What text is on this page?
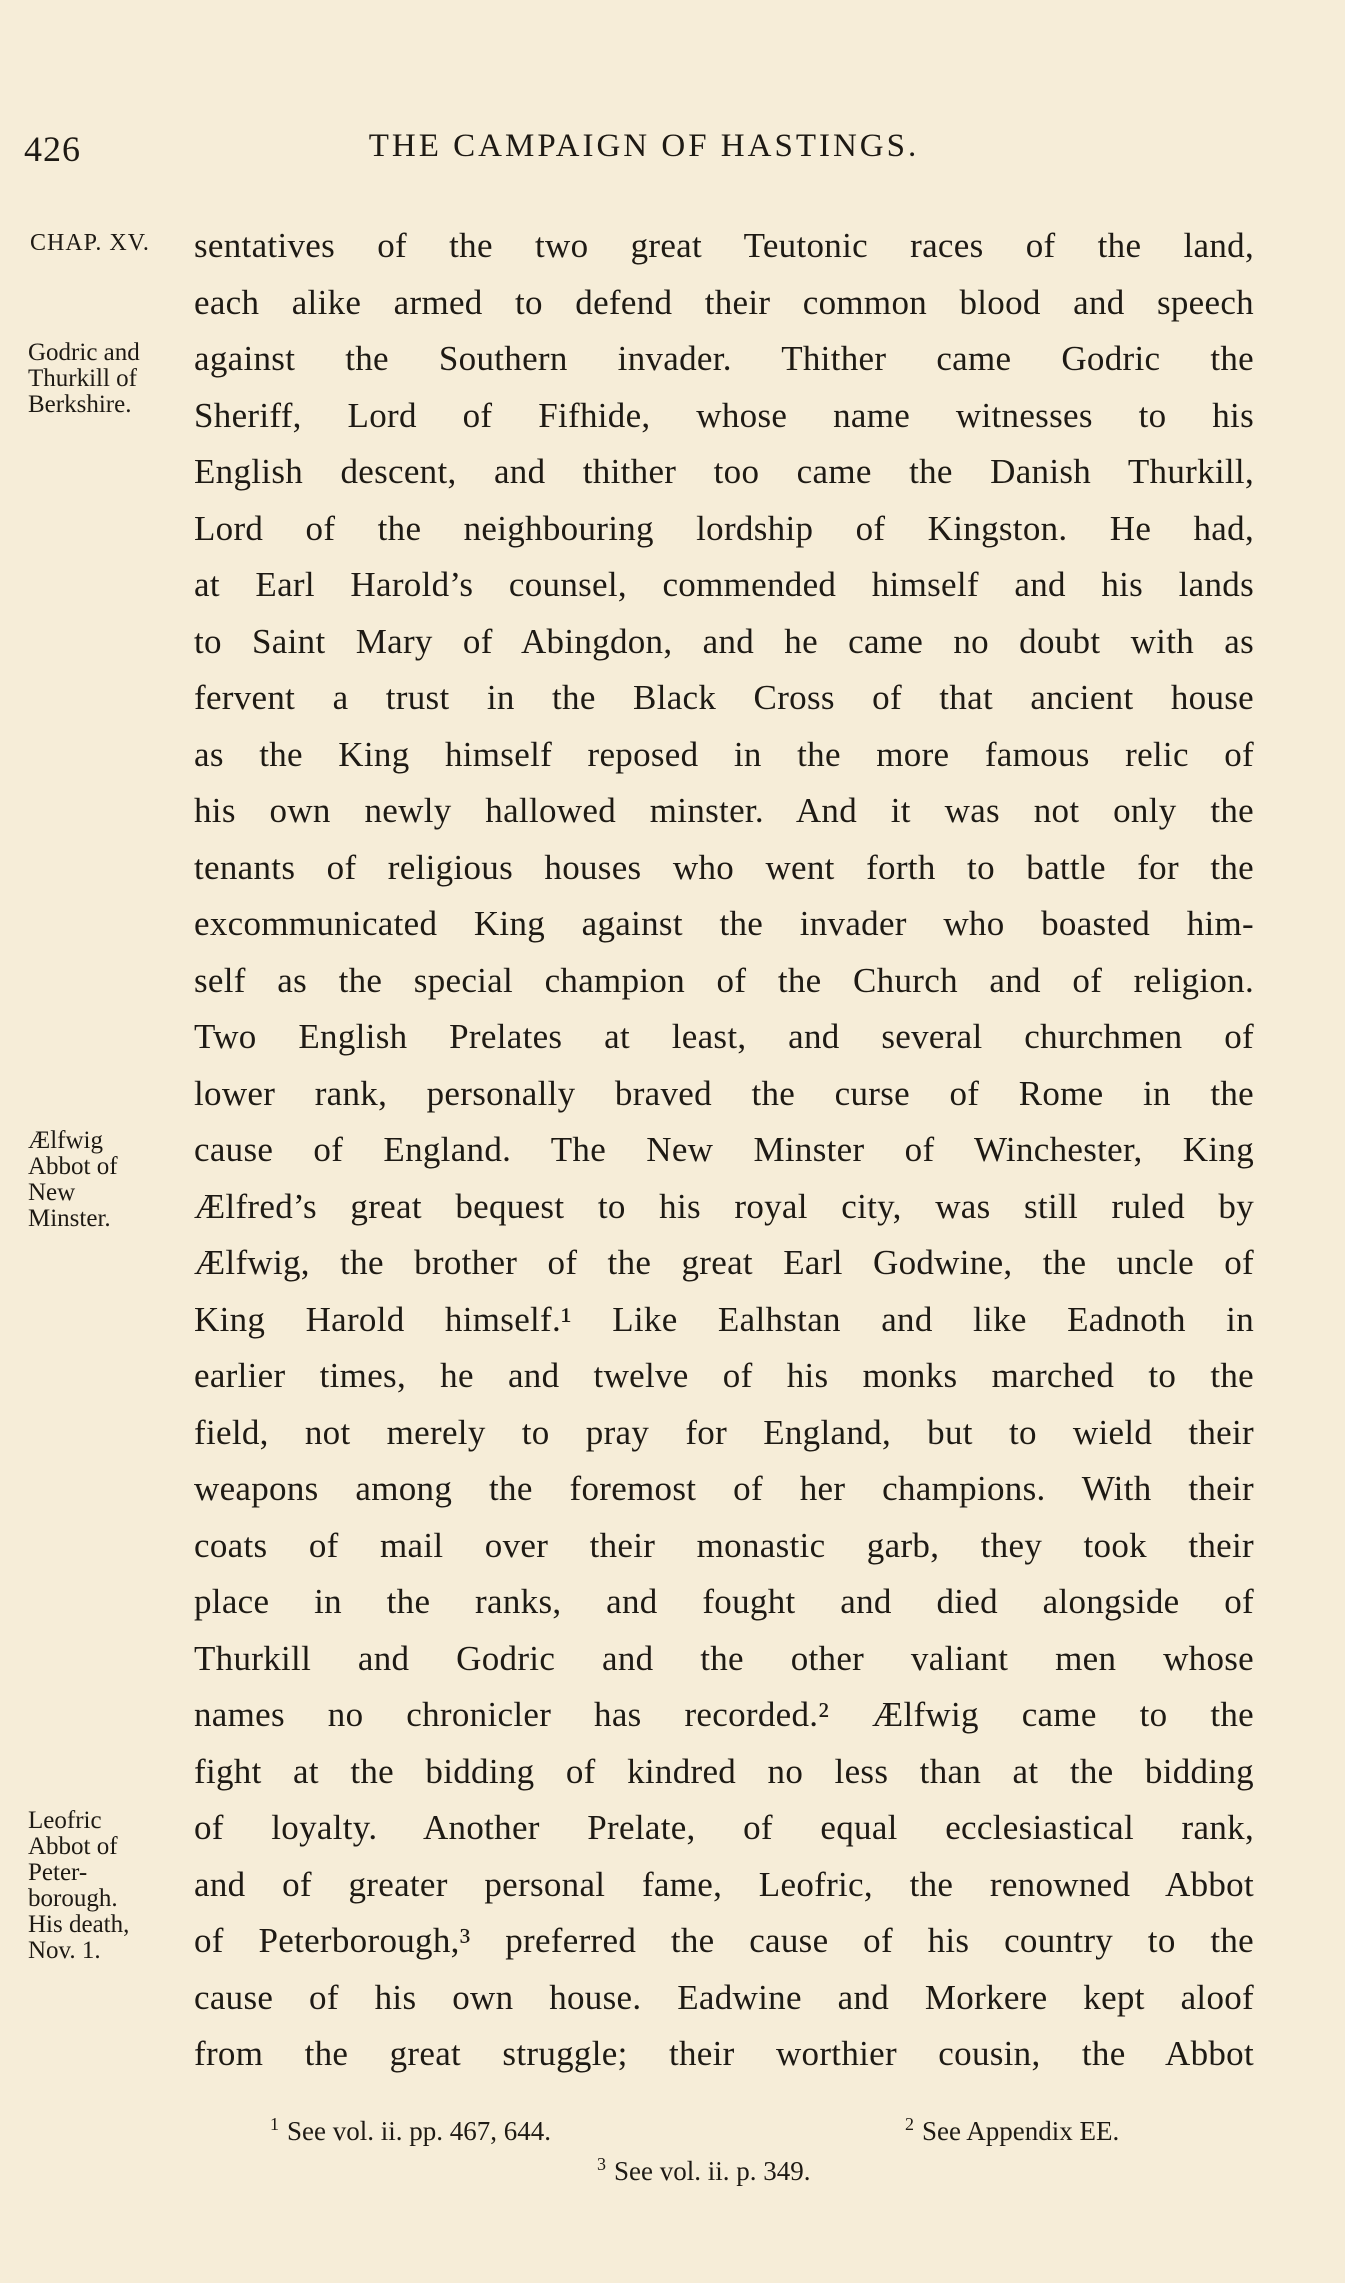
426	THE CAMPAIGN OF HASTINGS.
CHAP. XV. sentatives of the two great Teutonic races of the land,
each alike armed to defend their common blood and speech
against the Southern invader. Thither came Godric the
Sheriff, Lord of Fifhide, whose name witnesses to his
English descent, and thither too came the Danish Thurkill,
Lord of the neighbouring lordship of Kingston. He had,
at Earl Harold’s counsel, commended himself and his lands
to Saint Mary of Abingdon, and he came no doubt with as
fervent a trust in the Black Cross of that ancient house
as the King himself reposed in the more famous relic of
his own newly hallowed minster. And it was not only the
tenants of religious houses who went forth to battle for the
excommunicated King against the invader who boasted him-
self as the special champion of the Church and of religion.
Two English Prelates at least, and several churchmen of
lower rank, personally braved the curse of Rome in the
cause of England. The New Minster of Winchester, King
Ælfred’s great bequest to his royal city, was still ruled by
Ælfwig, the brother of the great Earl Godwine, the uncle of
King Harold himself.¹ Like Ealhstan and like Eadnoth in
earlier times, he and twelve of his monks marched to the
field, not merely to pray for England, but to wield their
weapons among the foremost of her champions. With their
coats of mail over their monastic garb, they took their
place in the ranks, and fought and died alongside of
Thurkill and Godric and the other valiant men whose
names no chronicler has recorded.² Ælfwig came to the
fight at the bidding of kindred no less than at the bidding
of loyalty. Another Prelate, of equal ecclesiastical rank,
and of greater personal fame, Leofric, the renowned Abbot
of Peterborough,³ preferred the cause of his country to the
cause of his own house. Eadwine and Morkere kept aloof
from the great struggle; their worthier cousin, the Abbot
Godric and
Thurkill of
Berkshire.
Ælfwig
Abbot of
New
Minster.
Leofric
Abbot of
Peter-
borough.
His death,
Nov. 1.
$^1$ See vol. ii. pp. 467, 644.	$^2$ See Appendix EE.
$^3$ See vol. ii. p. 349.
